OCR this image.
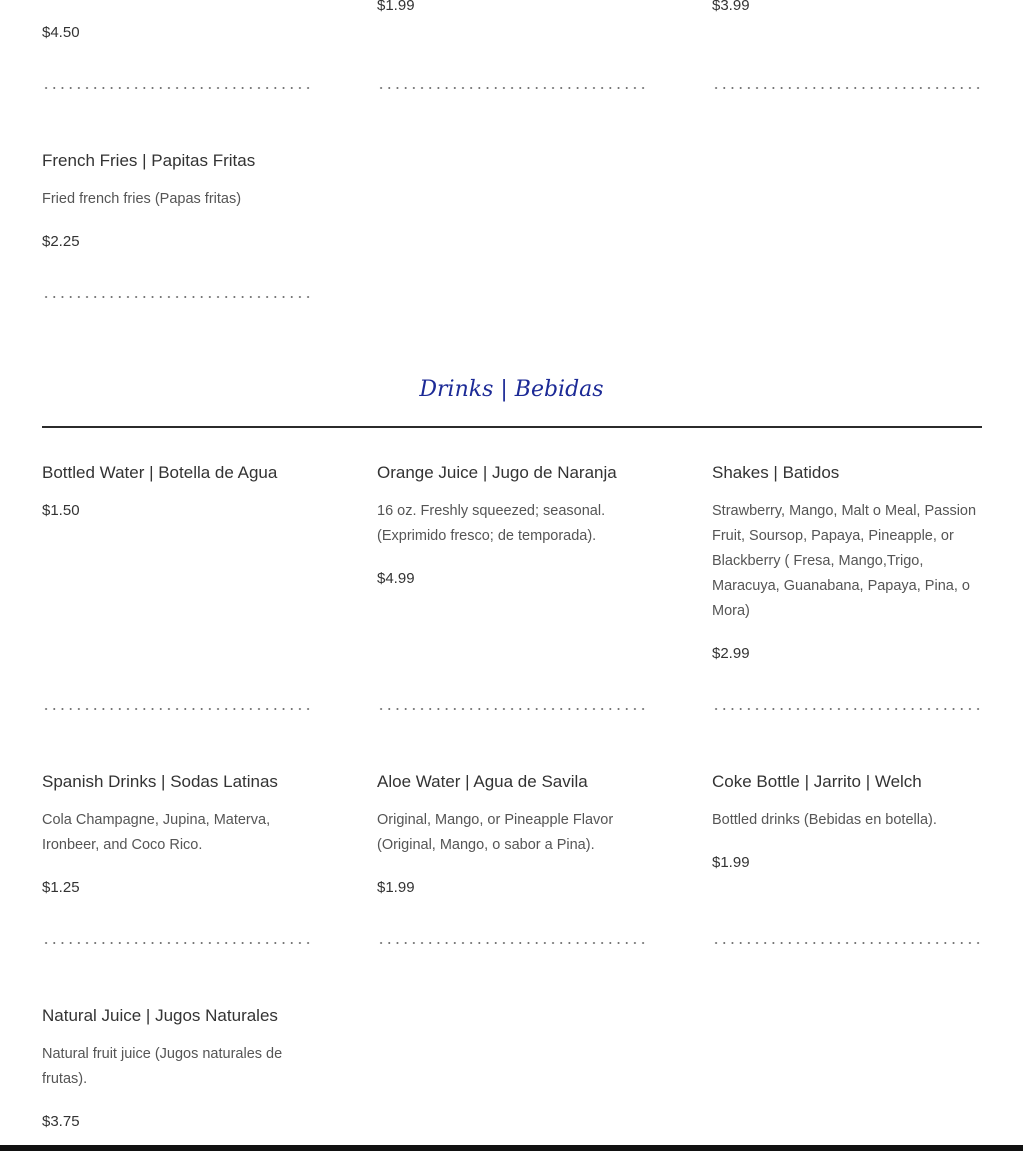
$4.50
$1.99	$3.99
French Fries | Papitas Fritas
Fried french fries (Papas fritas)
$2.25
Drinks | Bebidas
Bottled Water | Botella de Agua
$1.50
Orange Juice | Jugo de Naranja
16 oz. Freshly squeezed; seasonal. (Exprimido fresco; de temporada).
$4.99
Shakes | Batidos
Strawberry, Mango, Malt o Meal, Passion Fruit, Soursop, Papaya, Pineapple, or Blackberry ( Fresa, Mango,Trigo, Maracuya, Guanabana, Papaya, Pina, o Mora)
$2.99
Spanish Drinks | Sodas Latinas
Cola Champagne, Jupina, Materva, Ironbeer, and Coco Rico.
$1.25
Aloe Water | Agua de Savila
Original, Mango, or Pineapple Flavor (Original, Mango, o sabor a Pina).
$1.99
Coke Bottle | Jarrito | Welch
Bottled drinks (Bebidas en botella).
$1.99
Natural Juice | Jugos Naturales
Natural fruit juice (Jugos naturales de frutas).
$3.75
